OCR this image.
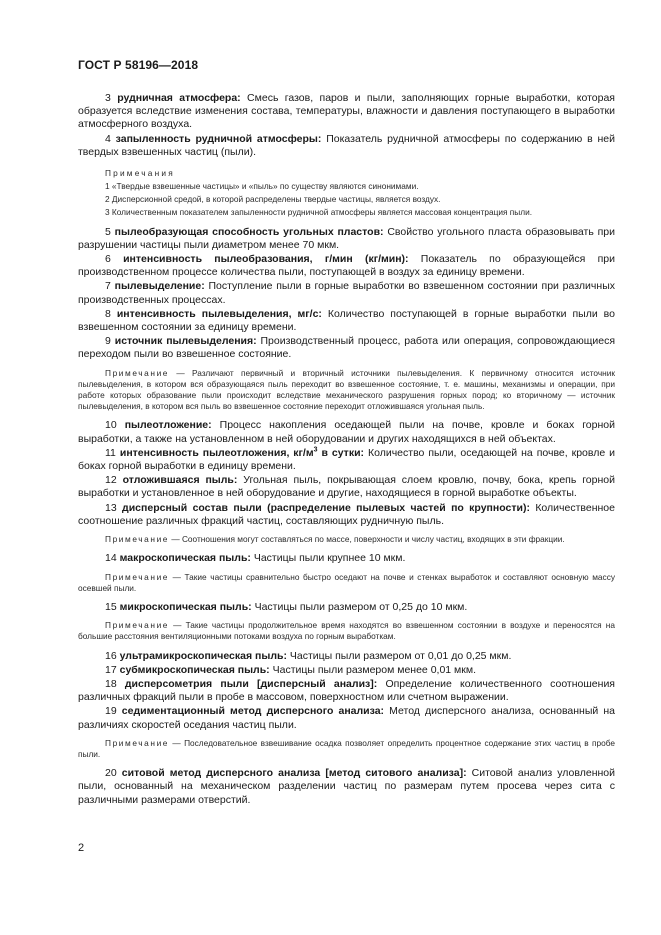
ГОСТ Р 58196—2018

3 рудничная атмосфера: Смесь газов, паров и пыли, заполняющих горные выработки, которая образуется вследствие изменения состава, температуры, влажности и давления поступающего в выработки атмосферного воздуха.

4 запыленность рудничной атмосферы: Показатель рудничной атмосферы по содержанию в ней твердых взвешенных частиц (пыли).

Примечания

1 «Твердые взвешенные частицы» и «пыль» по существу являются синонимами.

2 Дисперсионной средой, в которой распределены твердые частицы, является воздух.

3 Количественным показателем запыленности рудничной атмосферы является массовая концентрация пыли.

5 пылеобразующая способность угольных пластов: Свойство угольного пласта образовывать при разрушении частицы пыли диаметром менее 70 мкм.

6 интенсивность пылеобразования, г/мин (кг/мин): Показатель по образующейся при производственном процессе количества пыли, поступающей в воздух за единицу времени.

7 пылевыделение: Поступление пыли в горные выработки во взвешенном состоянии при различных производственных процессах.

8 интенсивность пылевыделения, мг/с: Количество поступающей в горные выработки пыли во взвешенном состоянии за единицу времени.

9 источник пылевыделения: Производственный процесс, работа или операция, сопровождающиеся переходом пыли во взвешенное состояние.

Примечание — Различают первичный и вторичный источники пылевыделения. К первичному относится источник пылевыделения, в котором вся образующаяся пыль переходит во взвешенное состояние, т. е. машины, механизмы и операции, при работе которых образование пыли происходит вследствие механического разрушения горных пород; ко вторичному — источник пылевыделения, в котором вся пыль во взвешенное состояние переходит отложившаяся угольная пыль.

10 пылеотложение: Процесс накопления оседающей пыли на почве, кровле и боках горной выработки, а также на установленном в ней оборудовании и других находящихся в ней объектах.

11 интенсивность пылеотложения, $кг/м^3$ в сутки: Количество пыли, оседающей на почве, кровле и боках горной выработки в единицу времени.

12 отложившаяся пыль: Угольная пыль, покрывающая слоем кровлю, почву, бока, крепь горной выработки и установленное в ней оборудование и другие, находящиеся в горной выработке объекты.

13 дисперсный состав пыли (распределение пылевых частей по крупности): Количественное соотношение различных фракций частиц, составляющих рудничную пыль.

Примечание — Соотношения могут составляться по массе, поверхности и числу частиц, входящих в эти фракции.

14 макроскопическая пыль: Частицы пыли крупнее 10 мкм.

Примечание — Такие частицы сравнительно быстро оседают на почве и стенках выработок и составляют основную массу осевшей пыли.

15 микроскопическая пыль: Частицы пыли размером от 0,25 до 10 мкм.

Примечание — Такие частицы продолжительное время находятся во взвешенном состоянии в воздухе и переносятся на большие расстояния вентиляционными потоками воздуха по горным выработкам.

16 ультрамикроскопическая пыль: Частицы пыли размером от 0,01 до 0,25 мкм.

17 субмикроскопическая пыль: Частицы пыли размером менее 0,01 мкм.

18 дисперсометрия пыли [дисперсный анализ]: Определение количественного соотношения различных фракций пыли в пробе в массовом, поверхностном или счетном выражении.

19 седиментационный метод дисперсного анализа: Метод дисперсного анализа, основанный на различиях скоростей оседания частиц пыли.

Примечание — Последовательное взвешивание осадка позволяет определить процентное содержание этих частиц в пробе пыли.

20 ситовой метод дисперсного анализа [метод ситового анализа]: Ситовой анализ уловленной пыли, основанный на механическом разделении частиц по размерам путем просева через сита с различными размерами отверстий.

2
